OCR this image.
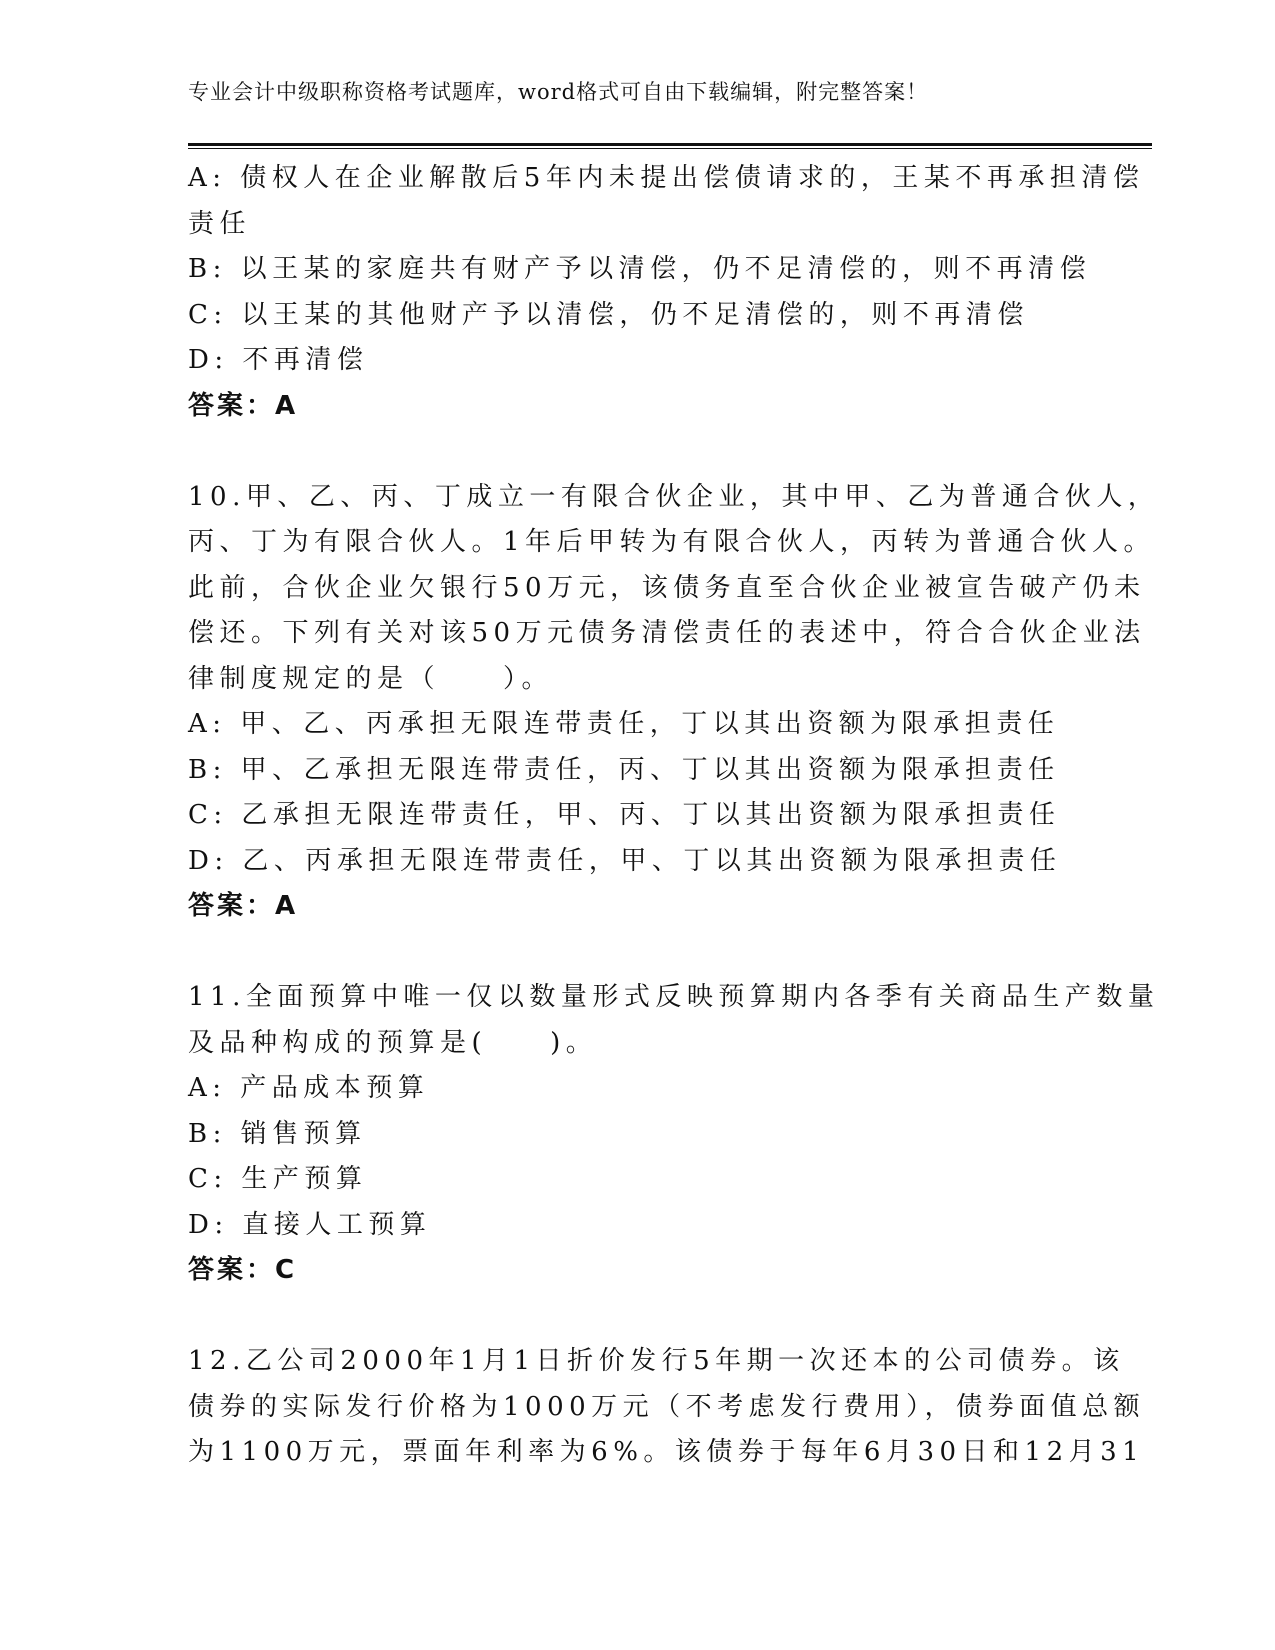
专业会计中级职称资格考试题库，word格式可自由下载编辑，附完整答案！
A: 债权人在企业解散后5年内未提出偿债请求的，王某不再承担清偿
责任
B: 以王某的家庭共有财产予以清偿，仍不足清偿的，则不再清偿
C: 以王某的其他财产予以清偿，仍不足清偿的，则不再清偿
D: 不再清偿
答案：A
10.甲、乙、丙、丁成立一有限合伙企业，其中甲、乙为普通合伙人，
丙、丁为有限合伙人。1年后甲转为有限合伙人，丙转为普通合伙人。
此前，合伙企业欠银行50万元，该债务直至合伙企业被宣告破产仍未
偿还。下列有关对该50万元债务清偿责任的表述中，符合合伙企业法
律制度规定的是（　　）。
A: 甲、乙、丙承担无限连带责任，丁以其出资额为限承担责任
B: 甲、乙承担无限连带责任，丙、丁以其出资额为限承担责任
C: 乙承担无限连带责任，甲、丙、丁以其出资额为限承担责任
D: 乙、丙承担无限连带责任，甲、丁以其出资额为限承担责任
答案：A
11.全面预算中唯一仅以数量形式反映预算期内各季有关商品生产数量
及品种构成的预算是(　　)。
A: 产品成本预算
B: 销售预算
C: 生产预算
D: 直接人工预算
答案：C
12.乙公司2000年1月1日折价发行5年期一次还本的公司债券。该
债券的实际发行价格为1000万元（不考虑发行费用），债券面值总额
为1100万元，票面年利率为6%。该债券于每年6月30日和12月31
